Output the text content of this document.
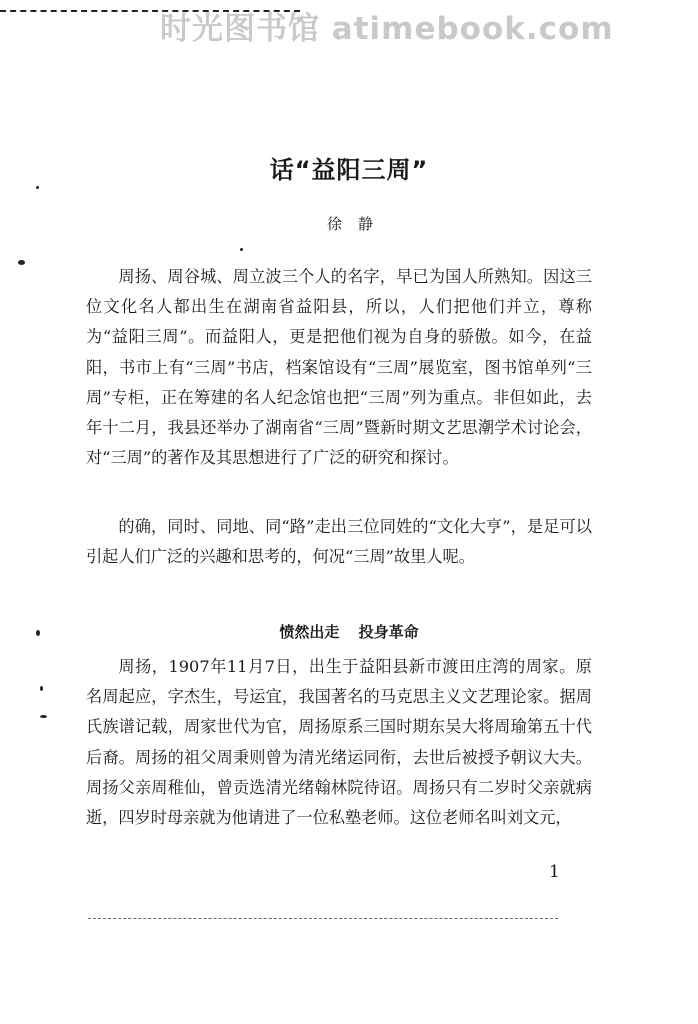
时光图书馆 atimebook.com
话“益阳三周”
徐静

周扬、周谷城、周立波三个人的名字，早已为国人所熟知。因这三位文化名人都出生在湖南省益阳县，所以，人们把他们并立，尊称为“益阳三周”。而益阳人，更是把他们视为自身的骄傲。如今，在益阳，书市上有“三周”书店，档案馆设有“三周”展览室，图书馆单列“三周”专柜，正在筹建的名人纪念馆也把“三周”列为重点。非但如此，去年十二月，我县还举办了湖南省“三周”暨新时期文艺思潮学术讨论会，对“三周”的著作及其思想进行了广泛的研究和探讨。

的确，同时、同地、同“路”走出三位同姓的“文化大亨”，是足可以引起人们广泛的兴趣和思考的，何况“三周”故里人呢。

愤然出走 投身革命

周扬，1907年11月7日，出生于益阳县新市渡田庄湾的周家。原名周起应，字杰生，号运宜，我国著名的马克思主义文艺理论家。据周氏族谱记载，周家世代为官，周扬原系三国时期东吴大将周瑜第五十代后裔。周扬的祖父周秉则曾为清光绪运同衔，去世后被授予朝议大夫。周扬父亲周稚仙，曾贡选清光绪翰林院待诏。周扬只有二岁时父亲就病逝，四岁时母亲就为他请进了一位私塾老师。这位老师名叫刘文元，

1
